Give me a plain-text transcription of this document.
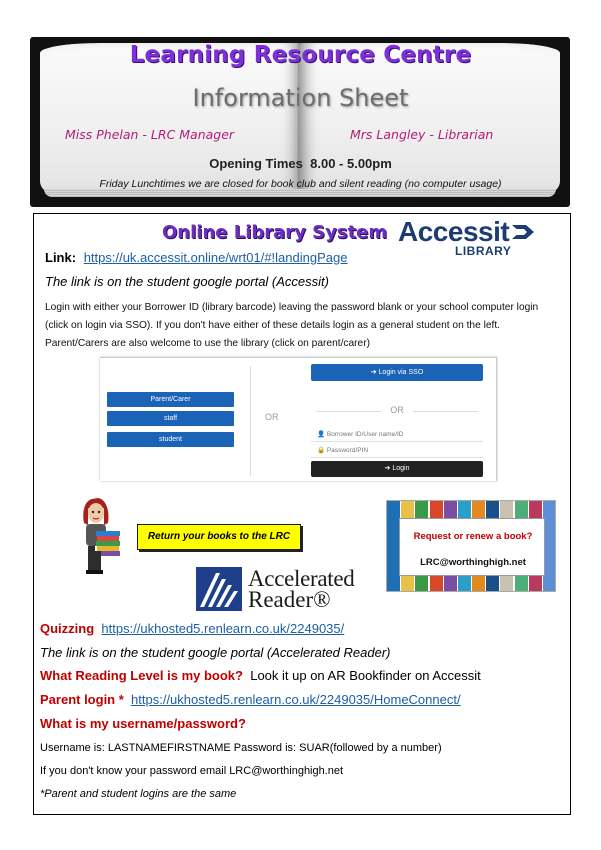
Learning Resource Centre
Information Sheet
Miss Phelan - LRC Manager	Mrs Langley - Librarian
Opening Times 8.00 - 5.00pm
Friday Lunchtimes we are closed for book club and silent reading (no computer usage)
Online Library System Accessit
LIBRARY
Link: https://uk.accessit.online/wrt01/#!landingPage
The link is on the student google portal (Accessit)
Login with either your Borrower ID (library barcode) leaving the password blank or your school computer login (click on login via SSO). If you don't have either of these details login as a general student on the left. Parent/Carers are also welcome to use the library (click on parent/carer)
Parent/Carer
staff
student
OR
➜ Login via SSO
OR
👤 Borrower ID/User name/ID
🔒 Password/PIN
➜ Login
Return your books to the LRC	Request or renew a book?
LRC@worthinghigh.net
Accelerated
Reader®
Quizzing https://ukhosted5.renlearn.co.uk/2249035/
The link is on the student google portal (Accelerated Reader)
What Reading Level is my book? Look it up on AR Bookfinder on Accessit
Parent login * https://ukhosted5.renlearn.co.uk/2249035/HomeConnect/
What is my username/password?
Username is: LASTNAMEFIRSTNAME Password is: SUAR(followed by a number)
If you don't know your password email LRC@worthinghigh.net
*Parent and student logins are the same
